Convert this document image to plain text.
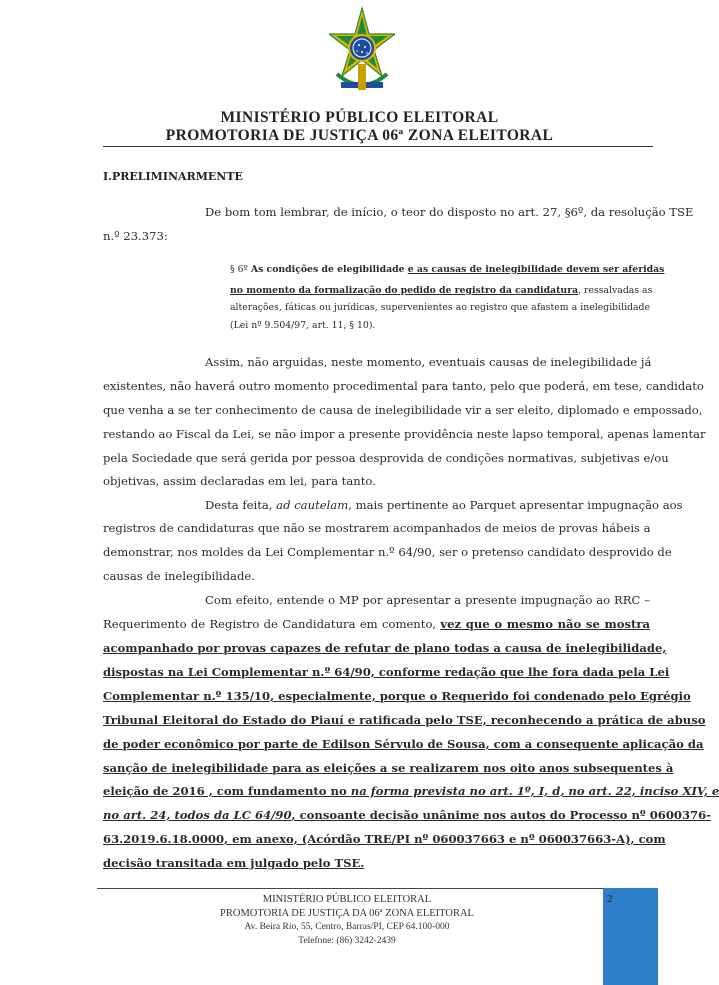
MINISTÉRIO PÚBLICO ELEITORAL
PROMOTORIA DE JUSTIÇA 06ª ZONA ELEITORAL
I.PRELIMINARMENTE
De bom tom lembrar, de início, o teor do disposto no art. 27, §6º, da resolução TSE
n.º 23.373:
§ 6º As condições de elegibilidade e as causas de inelegibilidade devem ser aferidas
no momento da formalização do pedido de registro da candidatura, ressalvadas as
alterações, fáticas ou jurídicas, supervenientes ao registro que afastem a inelegibilidade
(Lei nº 9.504/97, art. 11, § 10).
Assim, não arguidas, neste momento, eventuais causas de inelegibilidade já
existentes, não haverá outro momento procedimental para tanto, pelo que poderá, em tese, candidato
que venha a se ter conhecimento de causa de inelegibilidade vir a ser eleito, diplomado e empossado,
restando ao Fiscal da Lei, se não impor a presente providência neste lapso temporal, apenas lamentar
pela Sociedade que será gerida por pessoa desprovida de condições normativas, subjetivas e/ou
objetivas, assim declaradas em lei, para tanto.
Desta feita, ad cautelam, mais pertinente ao Parquet apresentar impugnação aos
registros de candidaturas que não se mostrarem acompanhados de meios de provas hábeis a
demonstrar, nos moldes da Lei Complementar n.º 64/90, ser o pretenso candidato desprovido de
causas de inelegibilidade.
Com efeito, entende o MP por apresentar a presente impugnação ao RRC –
Requerimento de Registro de Candidatura em comento, vez que o mesmo não se mostra
acompanhado por provas capazes de refutar de plano todas a causa de inelegibilidade,
dispostas na Lei Complementar n.º 64/90, conforme redação que lhe fora dada pela Lei
Complementar n.º 135/10, especialmente, porque o Requerido foi condenado pelo Egrégio
Tribunal Eleitoral do Estado do Piauí e ratificada pelo TSE, reconhecendo a prática de abuso
de poder econômico por parte de Edilson Sérvulo de Sousa, com a consequente aplicação da
sanção de inelegibilidade para as eleições a se realizarem nos oito anos subsequentes à
eleição de 2016 , com fundamento no na forma prevista no art. 1º, I, d, no art. 22, inciso XIV, e
no art. 24, todos da LC 64/90, consoante decisão unânime nos autos do Processo nº 0600376-
63.2019.6.18.0000, em anexo, (Acórdão TRE/PI nº 060037663 e nº 060037663-A), com
decisão transitada em julgado pelo TSE.
2
MINISTÉRIO PÚBLICO ELEITORAL
PROMOTORIA DE JUSTIÇA DA 06ª ZONA ELEITORAL
Av. Beira Rio, 55, Centro, Barras/PI, CEP 64.100-000
Telefone: (86) 3242-2439
